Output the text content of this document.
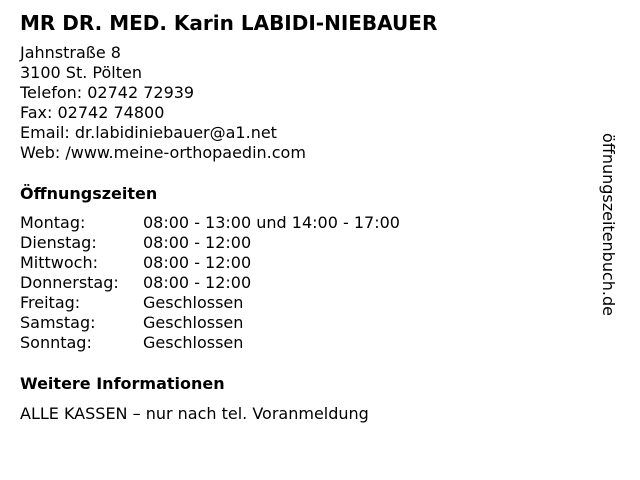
MR DR. MED. Karin LABIDI-NIEBAUER
Jahnstraße 8
3100 St. Pölten
Telefon: 02742 72939
Fax: 02742 74800
Email: dr.labidiniebauer@a1.net
Web: /www.meine-orthopaedin.com
Öffnungszeiten
Montag:	08:00 - 13:00 und 14:00 - 17:00
Dienstag:	08:00 - 12:00
Mittwoch:	08:00 - 12:00
Donnerstag:	08:00 - 12:00
Freitag:	Geschlossen
Samstag:	Geschlossen
Sonntag:	Geschlossen
Weitere Informationen
ALLE KASSEN – nur nach tel. Voranmeldung
öffnungszeitenbuch.de
